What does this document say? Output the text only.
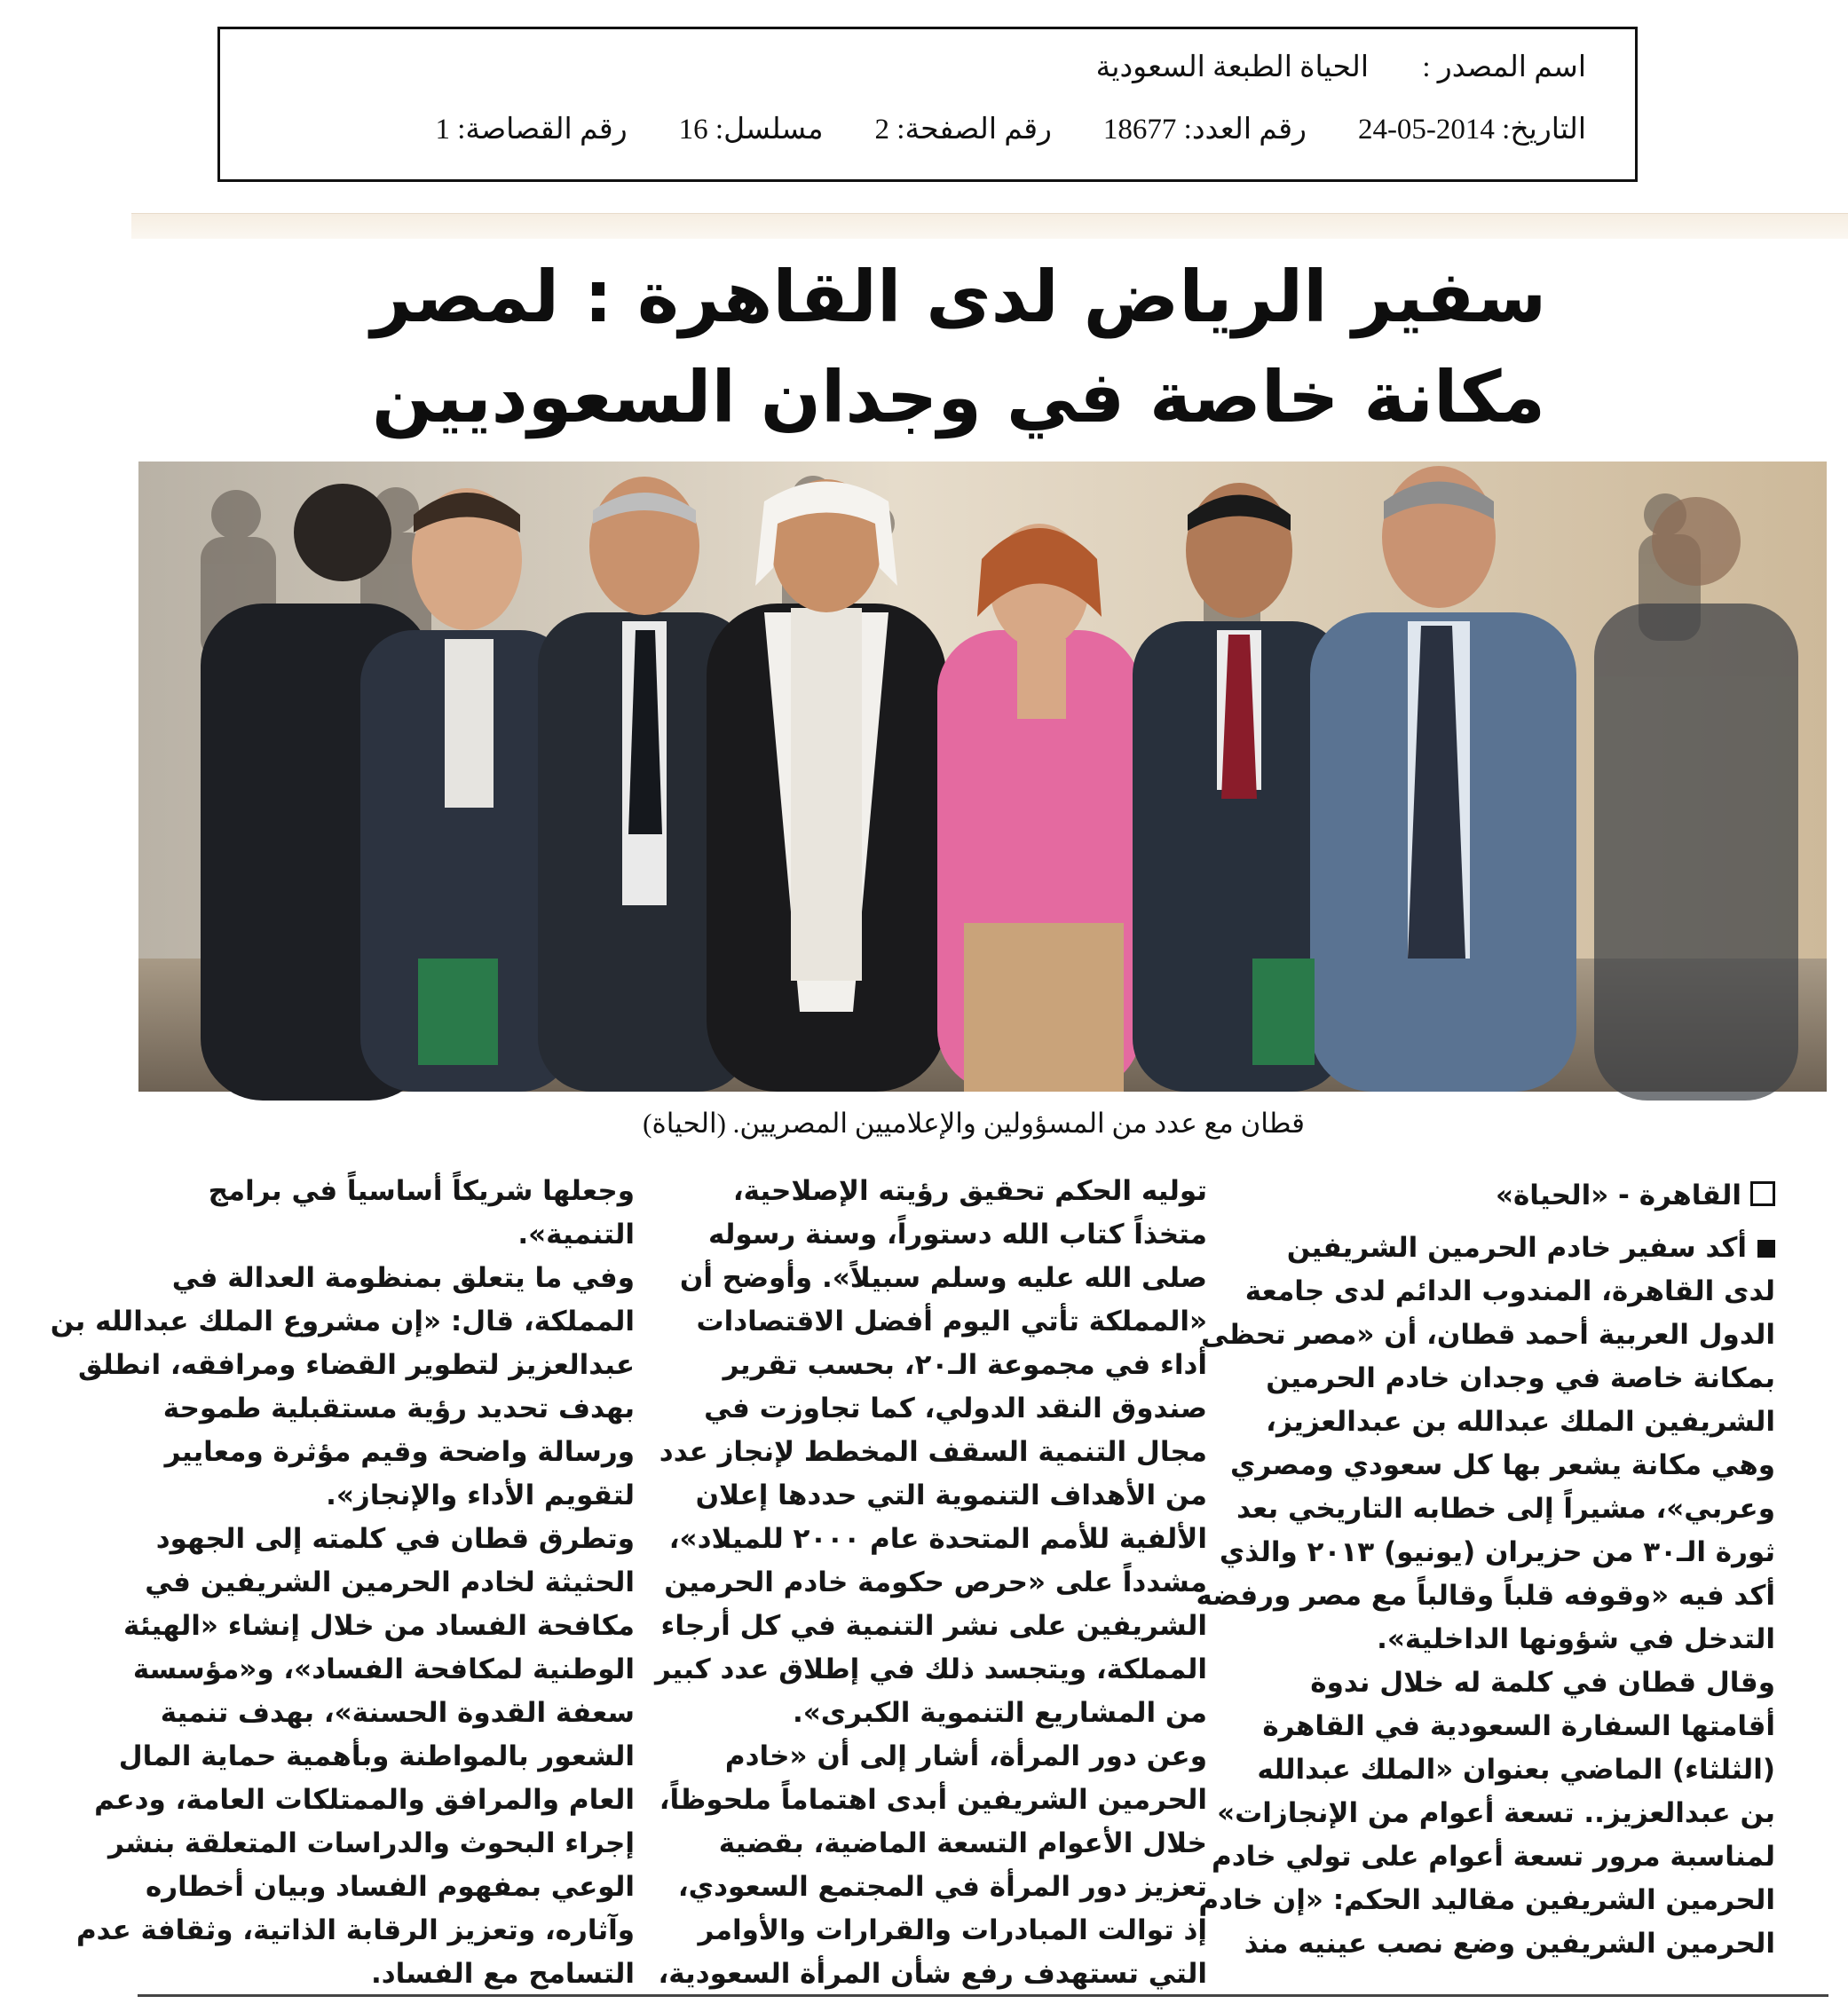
اسم المصدر :
الحياة الطبعة السعودية
التاريخ: 24-05-2014
رقم العدد: 18677
رقم الصفحة: 2
مسلسل: 16
رقم القصاصة: 1
سفير الرياض لدى القاهرة : لمصر
مكانة خاصة في وجدان السعوديين
قطان مع عدد من المسؤولين والإعلاميين المصريين. (الحياة)
القاهرة - «الحياة»
أكد سفير خادم الحرمين الشريفين
لدى القاهرة، المندوب الدائم لدى جامعة
الدول العربية أحمد قطان، أن «مصر تحظى
بمكانة خاصة في وجدان خادم الحرمين
الشريفين الملك عبدالله بن عبدالعزيز،
وهي مكانة يشعر بها كل سعودي ومصري
وعربي»، مشيراً إلى خطابه التاريخي بعد
ثورة الـ٣٠ من حزيران (يونيو) ٢٠١٣ والذي
أكد فيه «وقوفه قلباً وقالباً مع مصر ورفضه
التدخل في شؤونها الداخلية».
وقال قطان في كلمة له خلال ندوة
أقامتها السفارة السعودية في القاهرة
(الثلثاء) الماضي بعنوان «الملك عبدالله
بن عبدالعزيز.. تسعة أعوام من الإنجازات»
لمناسبة مرور تسعة أعوام على تولي خادم
الحرمين الشريفين مقاليد الحكم: «إن خادم
الحرمين الشريفين وضع نصب عينيه منذ
توليه الحكم تحقيق رؤيته الإصلاحية،
متخذاً كتاب الله دستوراً، وسنة رسوله
صلى الله عليه وسلم سبيلاً». وأوضح أن
«المملكة تأتي اليوم أفضل الاقتصادات
أداء في مجموعة الـ٢٠، بحسب تقرير
صندوق النقد الدولي، كما تجاوزت في
مجال التنمية السقف المخطط لإنجاز عدد
من الأهداف التنموية التي حددها إعلان
الألفية للأمم المتحدة عام ٢٠٠٠ للميلاد»،
مشدداً على «حرص حكومة خادم الحرمين
الشريفين على نشر التنمية في كل أرجاء
المملكة، ويتجسد ذلك في إطلاق عدد كبير
من المشاريع التنموية الكبرى».
وعن دور المرأة، أشار إلى أن «خادم
الحرمين الشريفين أبدى اهتماماً ملحوظاً،
خلال الأعوام التسعة الماضية، بقضية
تعزيز دور المرأة في المجتمع السعودي،
إذ توالت المبادرات والقرارات والأوامر
التي تستهدف رفع شأن المرأة السعودية،
وجعلها شريكاً أساسياً في برامج
التنمية».
وفي ما يتعلق بمنظومة العدالة في
المملكة، قال: «إن مشروع الملك عبدالله بن
عبدالعزيز لتطوير القضاء ومرافقه، انطلق
بهدف تحديد رؤية مستقبلية طموحة
ورسالة واضحة وقيم مؤثرة ومعايير
لتقويم الأداء والإنجاز».
وتطرق قطان في كلمته إلى الجهود
الحثيثة لخادم الحرمين الشريفين في
مكافحة الفساد من خلال إنشاء «الهيئة
الوطنية لمكافحة الفساد»، و«مؤسسة
سعفة القدوة الحسنة»، بهدف تنمية
الشعور بالمواطنة وبأهمية حماية المال
العام والمرافق والممتلكات العامة، ودعم
إجراء البحوث والدراسات المتعلقة بنشر
الوعي بمفهوم الفساد وبيان أخطاره
وآثاره، وتعزيز الرقابة الذاتية، وثقافة عدم
التسامح مع الفساد.
